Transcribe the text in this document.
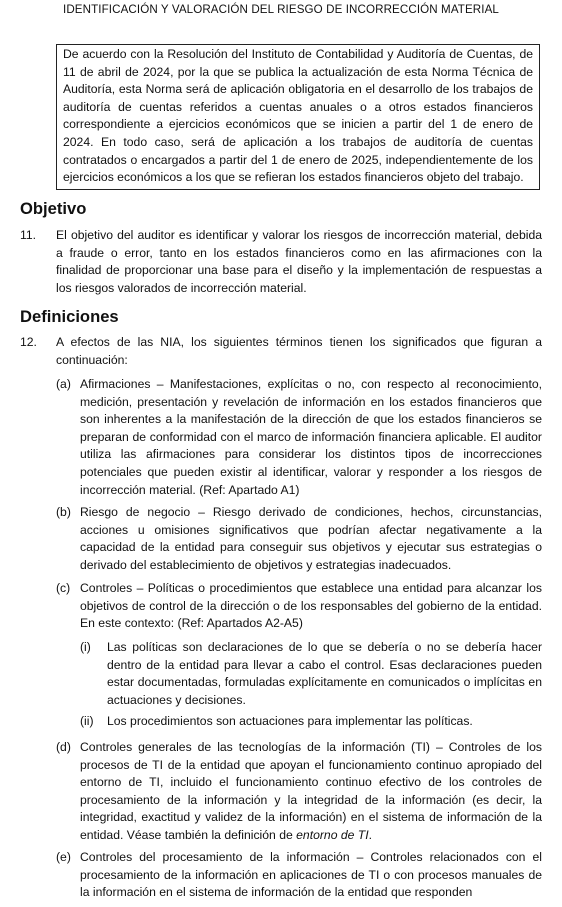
IDENTIFICACIÓN Y VALORACIÓN DEL RIESGO DE INCORRECCIÓN MATERIAL
De acuerdo con la Resolución del Instituto de Contabilidad y Auditoría de Cuentas, de 11 de abril de 2024, por la que se publica la actualización de esta Norma Técnica de Auditoría, esta Norma será de aplicación obligatoria en el desarrollo de los trabajos de auditoría de cuentas referidos a cuentas anuales o a otros estados financieros correspondiente a ejercicios económicos que se inicien a partir del 1 de enero de 2024. En todo caso, será de aplicación a los trabajos de auditoría de cuentas contratados o encargados a partir del 1 de enero de 2025, independientemente de los ejercicios económicos a los que se refieran los estados financieros objeto del trabajo.
Objetivo
11. El objetivo del auditor es identificar y valorar los riesgos de incorrección material, debida a fraude o error, tanto en los estados financieros como en las afirmaciones con la finalidad de proporcionar una base para el diseño y la implementación de respuestas a los riesgos valorados de incorrección material.
Definiciones
12. A efectos de las NIA, los siguientes términos tienen los significados que figuran a continuación:
(a) Afirmaciones – Manifestaciones, explícitas o no, con respecto al reconocimiento, medición, presentación y revelación de información en los estados financieros que son inherentes a la manifestación de la dirección de que los estados financieros se preparan de conformidad con el marco de información financiera aplicable. El auditor utiliza las afirmaciones para considerar los distintos tipos de incorrecciones potenciales que pueden existir al identificar, valorar y responder a los riesgos de incorrección material. (Ref: Apartado A1)
(b) Riesgo de negocio – Riesgo derivado de condiciones, hechos, circunstancias, acciones u omisiones significativos que podrían afectar negativamente a la capacidad de la entidad para conseguir sus objetivos y ejecutar sus estrategias o derivado del establecimiento de objetivos y estrategias inadecuados.
(c) Controles – Políticas o procedimientos que establece una entidad para alcanzar los objetivos de control de la dirección o de los responsables del gobierno de la entidad. En este contexto: (Ref: Apartados A2-A5)
(i) Las políticas son declaraciones de lo que se debería o no se debería hacer dentro de la entidad para llevar a cabo el control. Esas declaraciones pueden estar documentadas, formuladas explícitamente en comunicados o implícitas en actuaciones y decisiones.
(ii) Los procedimientos son actuaciones para implementar las políticas.
(d) Controles generales de las tecnologías de la información (TI) – Controles de los procesos de TI de la entidad que apoyan el funcionamiento continuo apropiado del entorno de TI, incluido el funcionamiento continuo efectivo de los controles de procesamiento de la información y la integridad de la información (es decir, la integridad, exactitud y validez de la información) en el sistema de información de la entidad. Véase también la definición de entorno de TI.
(e) Controles del procesamiento de la información – Controles relacionados con el procesamiento de la información en aplicaciones de TI o con procesos manuales de la información en el sistema de información de la entidad que responden
